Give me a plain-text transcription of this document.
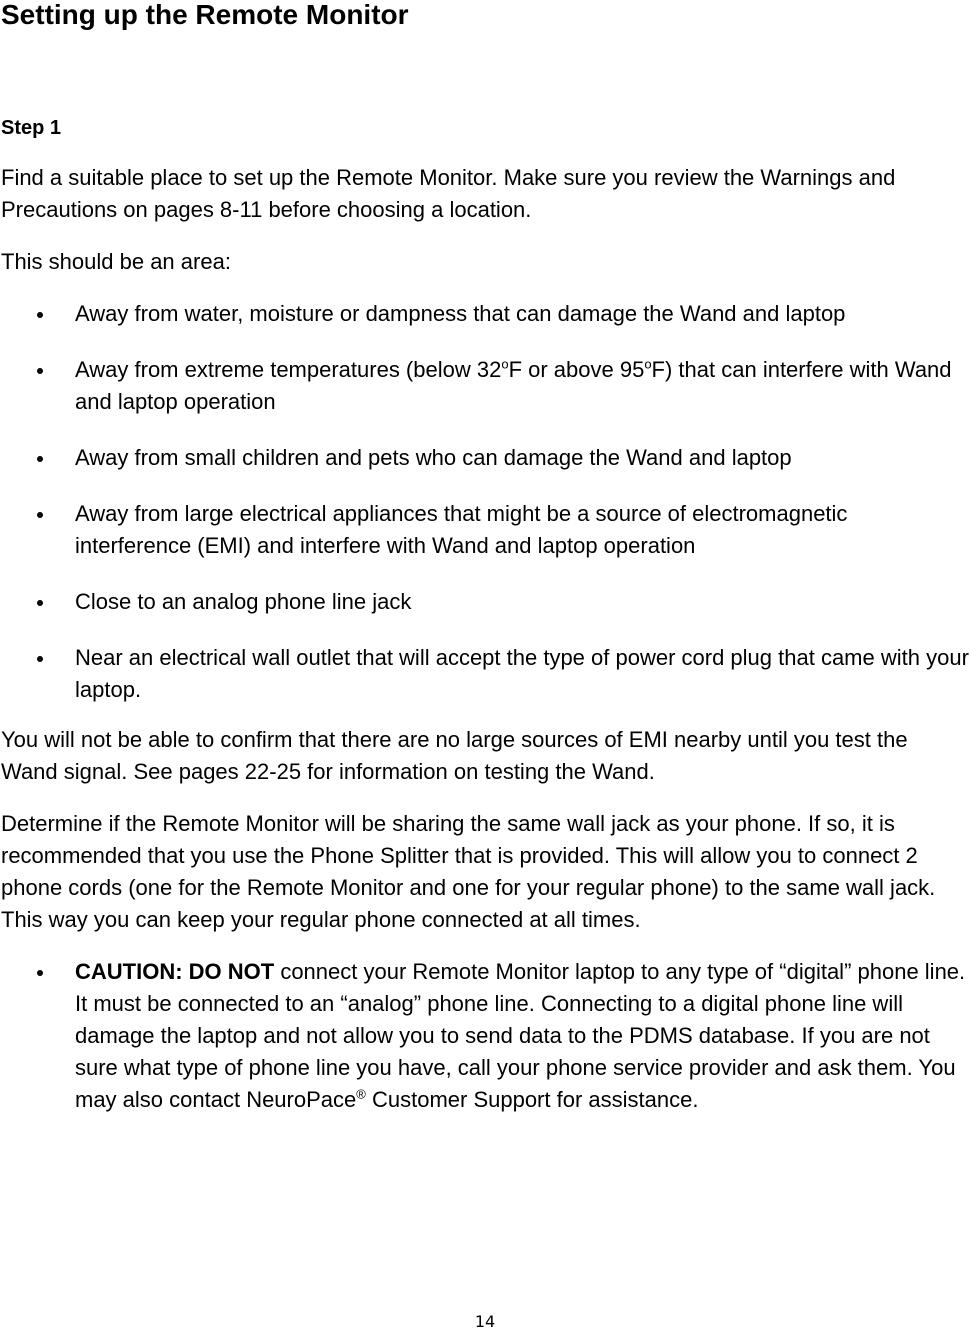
Setting up the Remote Monitor

Step 1

Find a suitable place to set up the Remote Monitor. Make sure you review the Warnings and Precautions on pages 8-11 before choosing a location.

This should be an area:

Away from water, moisture or dampness that can damage the Wand and laptop
Away from extreme temperatures (below 32$^o$F or above 95$^o$F) that can interfere with Wand and laptop operation
Away from small children and pets who can damage the Wand and laptop
Away from large electrical appliances that might be a source of electromagnetic interference (EMI) and interfere with Wand and laptop operation
Close to an analog phone line jack
Near an electrical wall outlet that will accept the type of power cord plug that came with your laptop.

You will not be able to confirm that there are no large sources of EMI nearby until you test the Wand signal. See pages 22-25 for information on testing the Wand.

Determine if the Remote Monitor will be sharing the same wall jack as your phone. If so, it is recommended that you use the Phone Splitter that is provided. This will allow you to connect 2 phone cords (one for the Remote Monitor and one for your regular phone) to the same wall jack. This way you can keep your regular phone connected at all times.

CAUTION: DO NOT connect your Remote Monitor laptop to any type of “digital” phone line. It must be connected to an “analog” phone line. Connecting to a digital phone line will damage the laptop and not allow you to send data to the PDMS database. If you are not sure what type of phone line you have, call your phone service provider and ask them. You may also contact NeuroPace® Customer Support for assistance.
14
